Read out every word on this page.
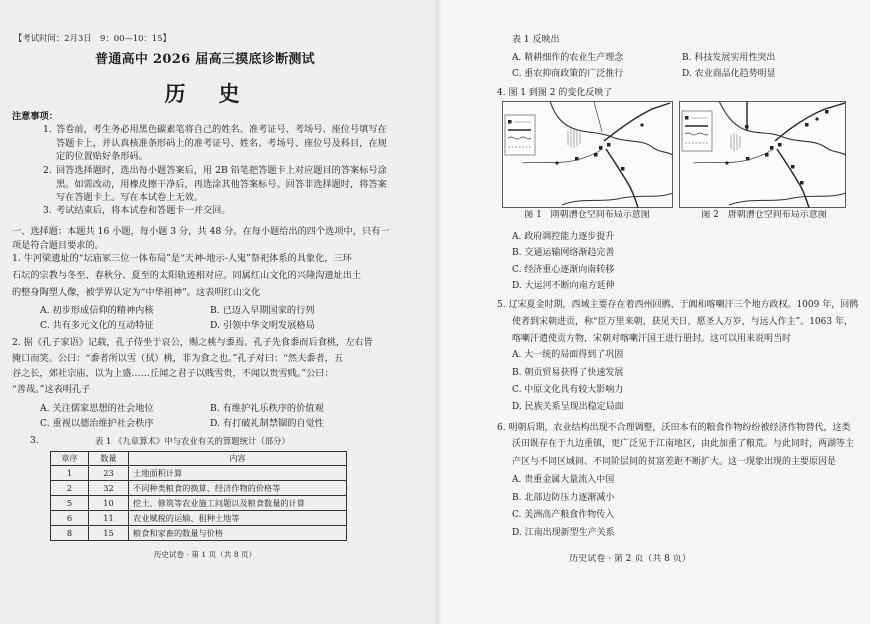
【考试时间：2月3日　9：00—10：15】
普通高中 2026 届高三摸底诊断测试
历　史
注意事项：
1. 答卷前，考生务必用黑色碳素笔将自己的姓名、准考证号、考场号、座位号填写在
答题卡上，并认真核准条形码上的准考证号、姓名、考场号、座位号及科目，在规
定的位置贴好条形码。
2. 回答选择题时，选出每小题答案后，用 2B 铅笔把答题卡上对应题目的答案标号涂
黑。如需改动，用橡皮擦干净后，再选涂其他答案标号。回答非选择题时，将答案
写在答题卡上。写在本试卷上无效。
3. 考试结束后，将本试卷和答题卡一并交回。
一、选择题：本题共 16 小题，每小题 3 分，共 48 分。在每小题给出的四个选项中，只有一
项是符合题目要求的。
1. 牛河梁遗址的“坛庙冢三位一体布局”是“天神-地示-人鬼”祭祀体系的具象化，三环
石坛的宗教与冬至、春秋分、夏至的太阳轨迹相对应。同属红山文化的兴隆沟遗址出土
的整身陶塑人像，被学界认定为“中华祖神”。这表明红山文化
A. 初步形成信仰的精神内核	B. 已迈入早期国家的行列
C. 共有多元文化的互动特征	D. 引领中华文明发展格局
2. 据《孔子家语》记载，孔子侍坐于哀公，赐之桃与黍焉。孔子先食黍而后食桃，左右皆
掩口而笑。公曰：“黍者所以雪（拭）桃，非为食之也。”孔子对曰：“然夫黍者，五
谷之长，郊社宗庙，以为上盛……丘闻之君子以贱雪贵，不闻以贵雪贱。”公曰：
“善哉。”这表明孔子
A. 关注儒家思想的社会地位	B. 有维护礼乐秩序的价值观
C. 重视以德治维护社会秩序	D. 有打破礼制禁锢的自觉性
3.	表 1 《九章算术》中与农业有关的算题统计（部分）
章序	数量	内容
1	23	土地面积计算
2	32	不同种类粮食的换算、经济作物的价格等
5	10	挖土、修筑等农业施工问题以及粮食数量的计算
6	11	农业赋税的运输、租种土地等
8	15	粮食和家畜的数量与价格
历史试卷 · 第 1 页（共 8 页）
表 1 反映出
A. 精耕细作的农业生产理念	B. 科技发展实用性突出
C. 重农抑商政策的广泛推行	D. 农业商品化趋势明显
4. 图 1 到图 2 的变化反映了
图 1　隋朝漕仓空间布局示意图	图 2　唐朝漕仓空间布局示意图
A. 政府调控能力逐步提升
B. 交通运输网络渐趋完善
C. 经济重心逐渐向南转移
D. 大运河不断向南方延伸
5. 辽宋夏金时期，西域主要存在着西州回鹘、于阗和喀喇汗三个地方政权。1009 年，回鹘
使者到宋朝进贡，称“臣万里来朝，获见天日，愿圣人万岁，与远人作主”。1063 年，
喀喇汗遣使贡方物，宋朝对喀喇汗国王进行册封。这可以用来说明当时
A. 大一统的局面得到了巩固
B. 朝贡贸易获得了快速发展
C. 中原文化具有较大影响力
D. 民族关系呈现出稳定局面
6. 明朝后期，农业结构出现不合理调整，沃田本有的粮食作物纷纷被经济作物替代，这类
沃田既存在于九边重镇，更广泛见于江南地区，由此加重了粮荒。与此同时，两湖等主
产区与不同区域间、不同阶层间的贫富差距不断扩大。这一现象出现的主要原因是
A. 贵重金属大量流入中国
B. 北部边防压力逐渐减小
C. 美洲高产粮食作物传入
D. 江南出现新型生产关系
历史试卷 · 第 2 页（共 8 页）
